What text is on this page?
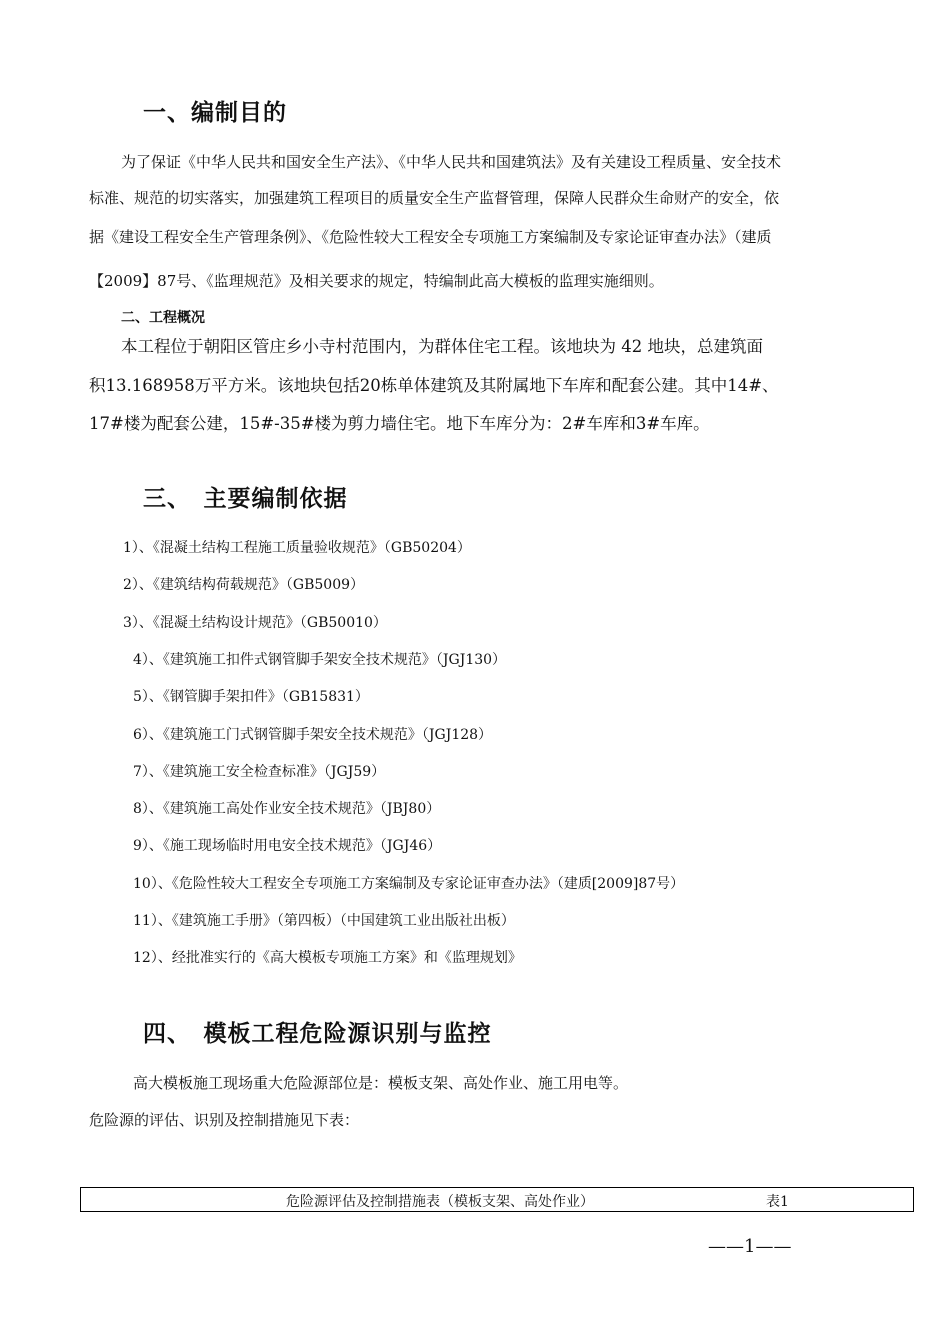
一、编制目的
为了保证《中华人民共和国安全生产法》、《中华人民共和国建筑法》及有关建设工程质量、安全技术
标准、规范的切实落实，加强建筑工程项目的质量安全生产监督管理，保障人民群众生命财产的安全，依
据《建设工程安全生产管理条例》、《危险性较大工程安全专项施工方案编制及专家论证审查办法》（建质
【2009】87号、《监理规范》及相关要求的规定，特编制此高大模板的监理实施细则。
二、工程概况
本工程位于朝阳区管庄乡小寺村范围内，为群体住宅工程。该地块为 42 地块，总建筑面
积13.168958万平方米。该地块包括20栋单体建筑及其附属地下车库和配套公建。其中14#、
17#楼为配套公建，15#-35#楼为剪力墙住宅。地下车库分为：2#车库和3#车库。
三、　主要编制依据
1）、《混凝土结构工程施工质量验收规范》（GB50204）
2）、《建筑结构荷载规范》（GB5009）
3）、《混凝土结构设计规范》（GB50010）
4）、《建筑施工扣件式钢管脚手架安全技术规范》（JGJ130）
5）、《钢管脚手架扣件》（GB15831）
6）、《建筑施工门式钢管脚手架安全技术规范》（JGJ128）
7）、《建筑施工安全检查标准》（JGJ59）
8）、《建筑施工高处作业安全技术规范》（JBJ80）
9）、《施工现场临时用电安全技术规范》（JGJ46）
10）、《危险性较大工程安全专项施工方案编制及专家论证审查办法》（建质[2009]87号）
11）、《建筑施工手册》（第四板）（中国建筑工业出版社出板）
12）、经批准实行的《高大模板专项施工方案》和《监理规划》
四、　模板工程危险源识别与监控
高大模板施工现场重大危险源部位是：模板支架、高处作业、施工用电等。
危险源的评估、识别及控制措施见下表：
危险源评估及控制措施表（模板支架、高处作业）	表1
——1——
